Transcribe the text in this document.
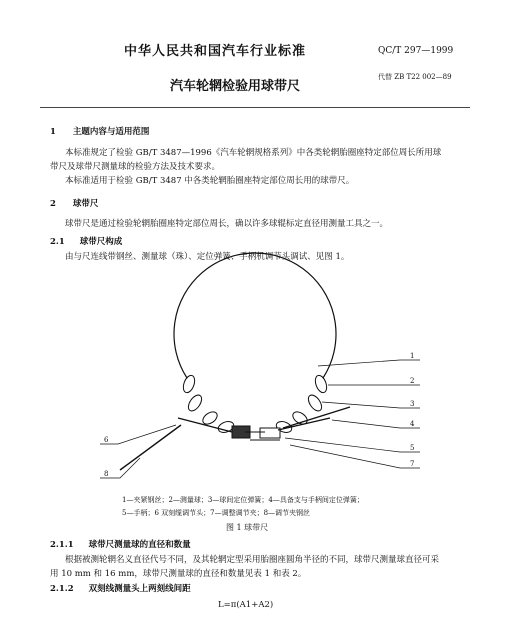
中华人民共和国汽车行业标准	QC/T 297—1999
汽车轮辋检验用球带尺
代替 ZB T22 002—89
1 主题内容与适用范围
本标准规定了检验 GB/T 3487—1996《汽车轮辋规格系列》中各类轮辋胎圈座特定部位周长所用球
带尺及球带尺测量球的检验方法及技术要求。
本标准适用于检验 GB/T 3487 中各类轮辋胎圈座特定部位周长用的球带尺。
2 球带尺
球带尺是通过检验轮辋胎圈座特定部位周长，确以许多球辊标定直径用测量工具之一。
2.1 球带尺构成
由与尺连线带钢丝、测量球（珠）、定位弹簧、手柄机调节头调试、见图 1。
1
2
3
4
5
7
6
8
1—夹紧钢丝；2—测量球；3—球间定位弹簧；4—具备支与手柄间定位弹簧；
5—手柄；6 双刻缆调节头；7—调整调节夹；8—调节夹钢丝
图 1 球带尺
2.1.1 球带尺测量球的直径和数量
根据被测轮辋名义直径代号不同，及其轮辋定型采用胎圈座圆角半径的不同，球带尺测量球直径可采
用 10 mm 和 16 mm，球带尺测量球的直径和数量见表 1 和表 2。
2.1.2 双刻线测量头上两刻线间距
L=π(A1+A2)
